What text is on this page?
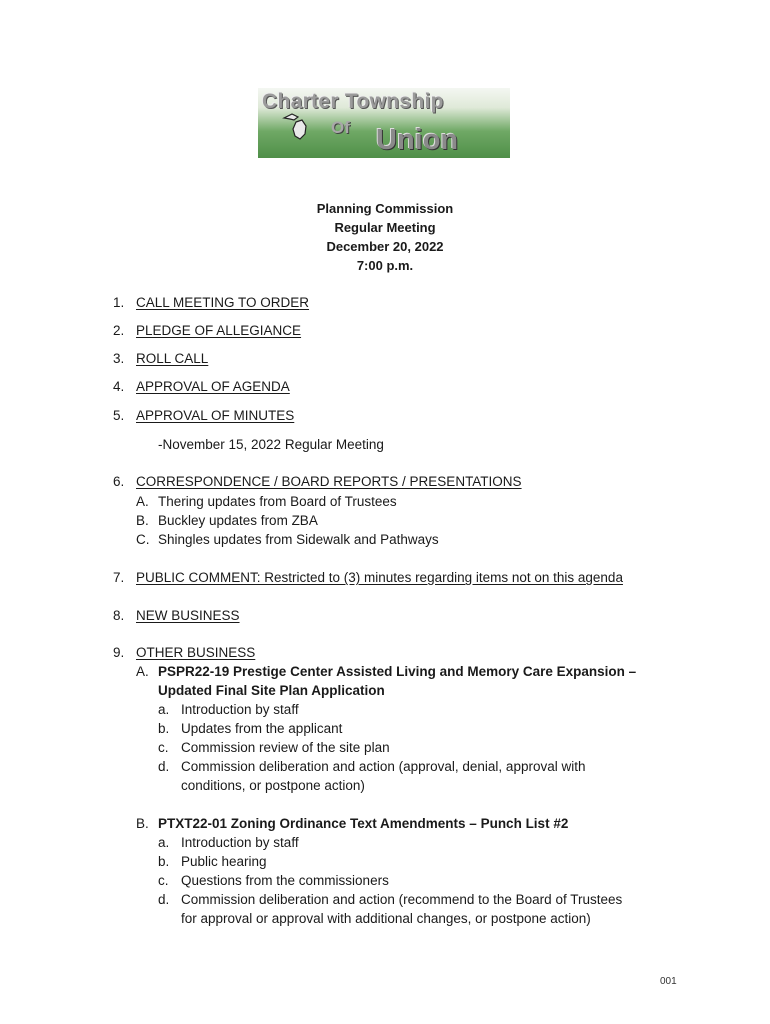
Charter Township
Of Union
Planning Commission
Regular Meeting
December 20, 2022
7:00 p.m.
1. CALL MEETING TO ORDER
2. PLEDGE OF ALLEGIANCE
3. ROLL CALL
4. APPROVAL OF AGENDA
5. APPROVAL OF MINUTES
-November 15, 2022 Regular Meeting
6. CORRESPONDENCE / BOARD REPORTS / PRESENTATIONS
A. Thering updates from Board of Trustees
B. Buckley updates from ZBA
C. Shingles updates from Sidewalk and Pathways
7. PUBLIC COMMENT: Restricted to (3) minutes regarding items not on this agenda
8. NEW BUSINESS
9. OTHER BUSINESS
A. PSPR22-19 Prestige Center Assisted Living and Memory Care Expansion –
Updated Final Site Plan Application
a. Introduction by staff
b. Updates from the applicant
c. Commission review of the site plan
d. Commission deliberation and action (approval, denial, approval with
conditions, or postpone action)
B. PTXT22-01 Zoning Ordinance Text Amendments – Punch List #2
a. Introduction by staff
b. Public hearing
c. Questions from the commissioners
d. Commission deliberation and action (recommend to the Board of Trustees
for approval or approval with additional changes, or postpone action)
001
